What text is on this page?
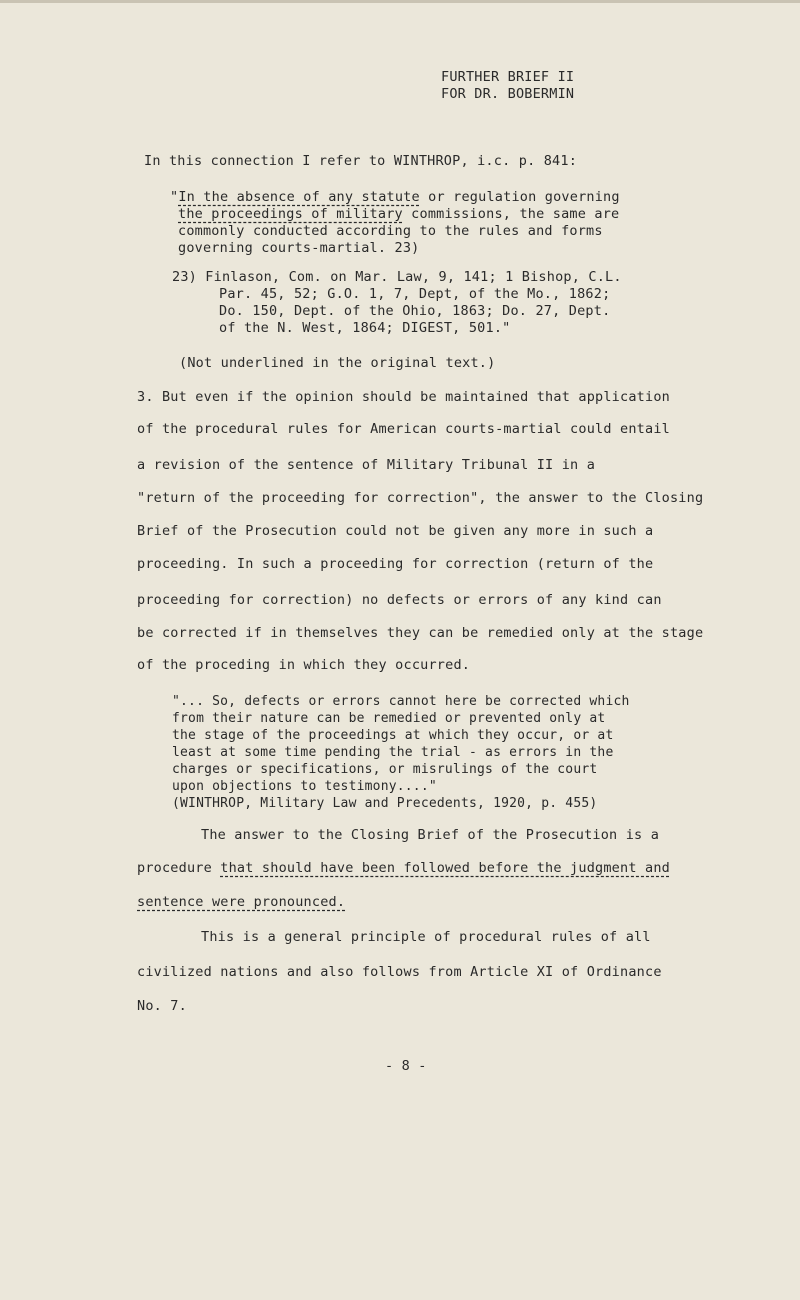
FURTHER BRIEF II
FOR DR. BOBERMIN
In this connection I refer to WINTHROP, i.c. p. 841:
"In the absence of any statute or regulation governing
the proceedings of military commissions, the same are
commonly conducted according to the rules and forms
governing courts-martial. 23)
23) Finlason, Com. on Mar. Law, 9, 141; 1 Bishop, C.L.
Par. 45, 52; G.O. 1, 7, Dept, of the Mo., 1862;
Do. 150, Dept. of the Ohio, 1863; Do. 27, Dept.
of the N. West, 1864; DIGEST, 501."
(Not underlined in the original text.)
3. But even if the opinion should be maintained that application
of the procedural rules for American courts-martial could entail
a revision of the sentence of Military Tribunal II in a
"return of the proceeding for correction", the answer to the Closing
Brief of the Prosecution could not be given any more in such a
proceeding. In such a proceeding for correction (return of the
proceeding for correction) no defects or errors of any kind can
be corrected if in themselves they can be remedied only at the stage
of the proceding in which they occurred.
"... So, defects or errors cannot here be corrected which
from their nature can be remedied or prevented only at
the stage of the proceedings at which they occur, or at
least at some time pending the trial - as errors in the
charges or specifications, or misrulings of the court
upon objections to testimony...."
(WINTHROP, Military Law and Precedents, 1920, p. 455)
The answer to the Closing Brief of the Prosecution is a
procedure that should have been followed before the judgment and
sentence were pronounced.
This is a general principle of procedural rules of all
civilized nations and also follows from Article XI of Ordinance
No. 7.
- 8 -
